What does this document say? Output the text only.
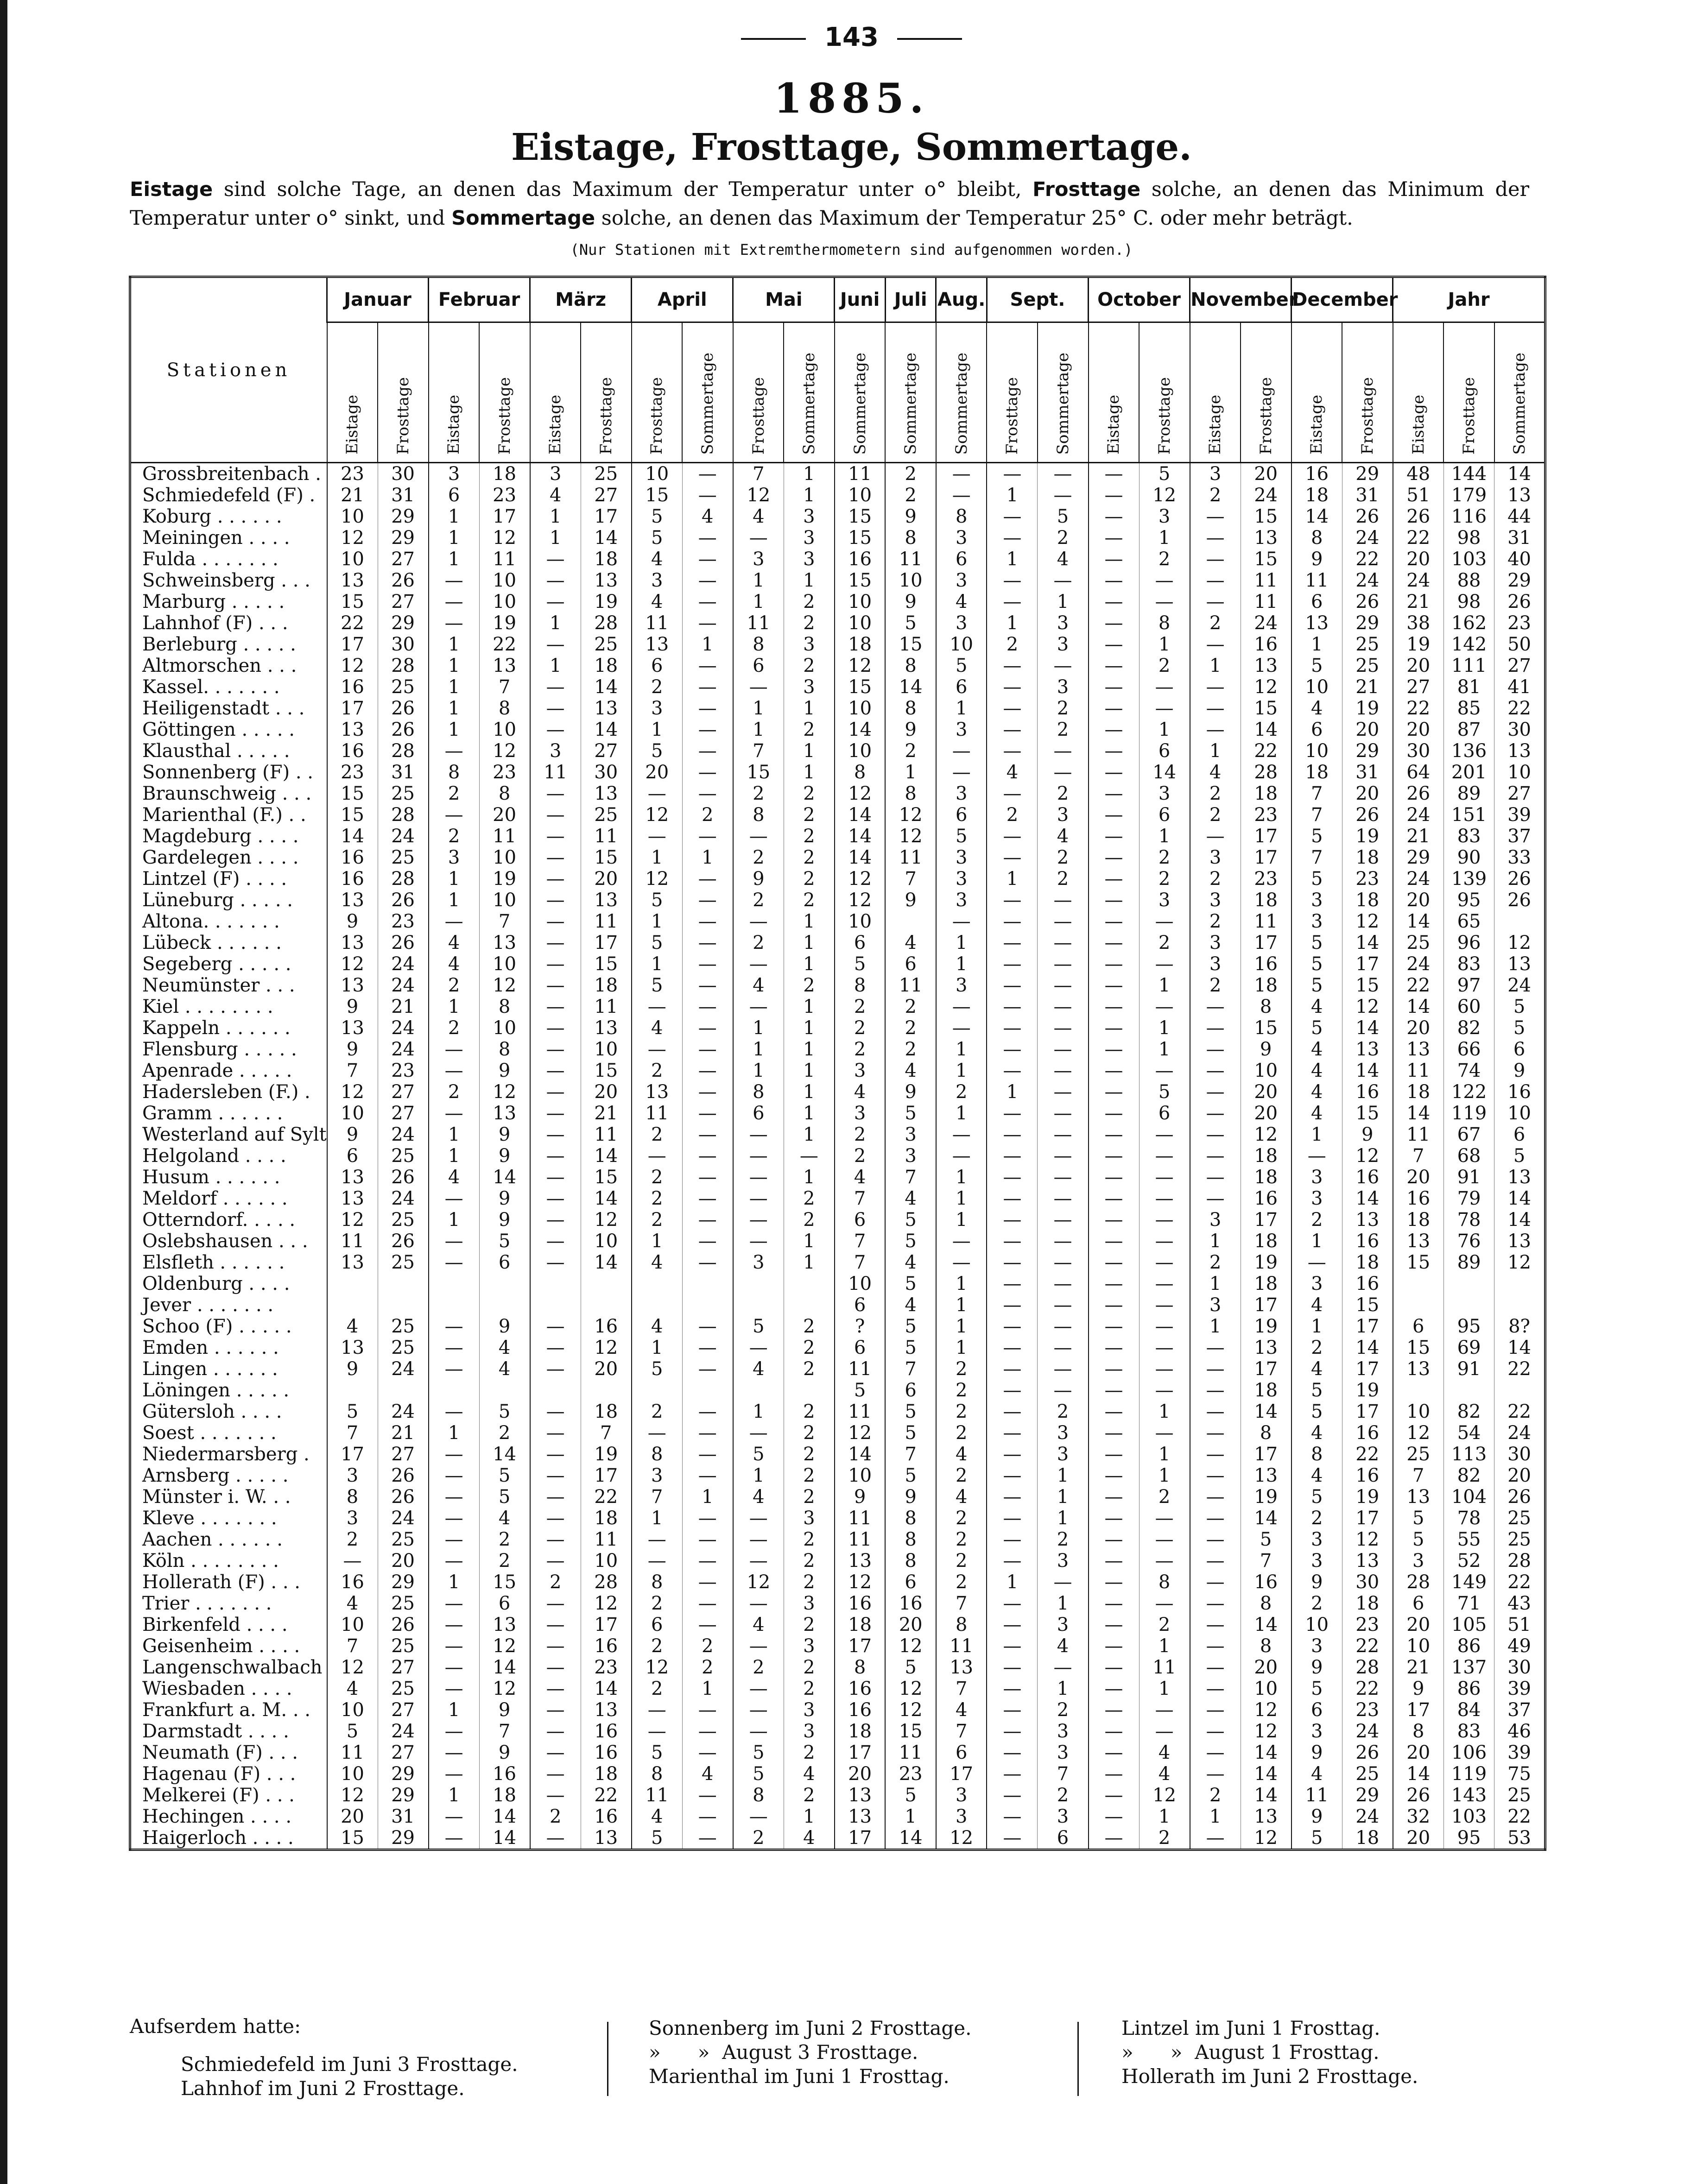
143
1885.
Eistage, Frosttage, Sommertage.
Eistage sind solche Tage, an denen das Maximum der Temperatur unter o° bleibt, Frosttage solche, an denen das Minimum der Temperatur unter o° sinkt, und Sommertage solche, an denen das Maximum der Temperatur 25° C. oder mehr beträgt.
(Nur Stationen mit Extremthermometern sind aufgenommen worden.)
Stationen	Januar		Februar		März		April		Mai		Juni	Juli	Aug.	Sept.		October		November		December		Jahr		

	Eistage	Frosttage	Eistage	Frosttage	Eistage	Frosttage	Frosttage	Sommertage	Frosttage	Sommertage	Sommertage	Sommertage	Sommertage	Frosttage	Sommertage	Eistage	Frosttage	Eistage	Frosttage	Eistage	Frosttage	Eistage	Frosttage	Sommertage

Grossbreitenbach .	23	30	3	18	3	25	10	—	7	1	11	2	—	—	—	—	5	3	20	16	29	48	144	14
Schmiedefeld (F) .	21	31	6	23	4	27	15	—	12	1	10	2	—	1	—	—	12	2	24	18	31	51	179	13
Koburg . . . . . .	10	29	1	17	1	17	5	4	4	3	15	9	8	—	5	—	3	—	15	14	26	26	116	44
Meiningen . . . .	12	29	1	12	1	14	5	—	—	3	15	8	3	—	2	—	1	—	13	8	24	22	98	31
Fulda . . . . . . .	10	27	1	11	—	18	4	—	3	3	16	11	6	1	4	—	2	—	15	9	22	20	103	40
Schweinsberg . . .	13	26	—	10	—	13	3	—	1	1	15	10	3	—	—	—	—	—	11	11	24	24	88	29
Marburg . . . . .	15	27	—	10	—	19	4	—	1	2	10	9	4	—	1	—	—	—	11	6	26	21	98	26
Lahnhof (F) . . .	22	29	—	19	1	28	11	—	11	2	10	5	3	1	3	—	8	2	24	13	29	38	162	23
Berleburg . . . . .	17	30	1	22	—	25	13	1	8	3	18	15	10	2	3	—	1	—	16	1	25	19	142	50
Altmorschen . . .	12	28	1	13	1	18	6	—	6	2	12	8	5	—	—	—	2	1	13	5	25	20	111	27
Kassel. . . . . . .	16	25	1	7	—	14	2	—	—	3	15	14	6	—	3	—	—	—	12	10	21	27	81	41
Heiligenstadt . . .	17	26	1	8	—	13	3	—	1	1	10	8	1	—	2	—	—	—	15	4	19	22	85	22
Göttingen . . . . .	13	26	1	10	—	14	1	—	1	2	14	9	3	—	2	—	1	—	14	6	20	20	87	30
Klausthal . . . . .	16	28	—	12	3	27	5	—	7	1	10	2	—	—	—	—	6	1	22	10	29	30	136	13
Sonnenberg (F) . .	23	31	8	23	11	30	20	—	15	1	8	1	—	4	—	—	14	4	28	18	31	64	201	10
Braunschweig . . .	15	25	2	8	—	13	—	—	2	2	12	8	3	—	2	—	3	2	18	7	20	26	89	27
Marienthal (F.) . .	15	28	—	20	—	25	12	2	8	2	14	12	6	2	3	—	6	2	23	7	26	24	151	39
Magdeburg . . . .	14	24	2	11	—	11	—	—	—	2	14	12	5	—	4	—	1	—	17	5	19	21	83	37
Gardelegen . . . .	16	25	3	10	—	15	1	1	2	2	14	11	3	—	2	—	2	3	17	7	18	29	90	33
Lintzel (F) . . . .	16	28	1	19	—	20	12	—	9	2	12	7	3	1	2	—	2	2	23	5	23	24	139	26
Lüneburg . . . . .	13	26	1	10	—	13	5	—	2	2	12	9	3	—	—	—	3	3	18	3	18	20	95	26
Altona. . . . . . .	9	23	—	7	—	11	1	—	—	1	10		—	—	—	—	—	2	11	3	12	14	65	
Lübeck . . . . . .	13	26	4	13	—	17	5	—	2	1	6	4	1	—	—	—	2	3	17	5	14	25	96	12
Segeberg . . . . .	12	24	4	10	—	15	1	—	—	1	5	6	1	—	—	—	—	3	16	5	17	24	83	13
Neumünster . . .	13	24	2	12	—	18	5	—	4	2	8	11	3	—	—	—	1	2	18	5	15	22	97	24
Kiel . . . . . . . .	9	21	1	8	—	11	—	—	—	1	2	2	—	—	—	—	—	—	8	4	12	14	60	5
Kappeln . . . . . .	13	24	2	10	—	13	4	—	1	1	2	2	—	—	—	—	1	—	15	5	14	20	82	5
Flensburg . . . . .	9	24	—	8	—	10	—	—	1	1	2	2	1	—	—	—	1	—	9	4	13	13	66	6
Apenrade . . . . .	7	23	—	9	—	15	2	—	1	1	3	4	1	—	—	—	—	—	10	4	14	11	74	9
Hadersleben (F.) .	12	27	2	12	—	20	13	—	8	1	4	9	2	1	—	—	5	—	20	4	16	18	122	16
Gramm . . . . . .	10	27	—	13	—	21	11	—	6	1	3	5	1	—	—	—	6	—	20	4	15	14	119	10
Westerland auf Sylt	9	24	1	9	—	11	2	—	—	1	2	3	—	—	—	—	—	—	12	1	9	11	67	6
Helgoland . . . .	6	25	1	9	—	14	—	—	—	—	2	3	—	—	—	—	—	—	18	—	12	7	68	5
Husum . . . . . .	13	26	4	14	—	15	2	—	—	1	4	7	1	—	—	—	—	—	18	3	16	20	91	13
Meldorf . . . . . .	13	24	—	9	—	14	2	—	—	2	7	4	1	—	—	—	—	—	16	3	14	16	79	14
Otterndorf. . . . .	12	25	1	9	—	12	2	—	—	2	6	5	1	—	—	—	—	3	17	2	13	18	78	14
Oslebshausen . . .	11	26	—	5	—	10	1	—	—	1	7	5	—	—	—	—	—	1	18	1	16	13	76	13
Elsfleth . . . . . .	13	25	—	6	—	14	4	—	3	1	7	4	—	—	—	—	—	2	19	—	18	15	89	12
Oldenburg . . . .											10	5	1	—	—	—	—	1	18	3	16			
Jever . . . . . . .											6	4	1	—	—	—	—	3	17	4	15			
Schoo (F) . . . . .	4	25	—	9	—	16	4	—	5	2	?	5	1	—	—	—	—	1	19	1	17	6	95	8?
Emden . . . . . .	13	25	—	4	—	12	1	—	—	2	6	5	1	—	—	—	—	—	13	2	14	15	69	14
Lingen . . . . . .	9	24	—	4	—	20	5	—	4	2	11	7	2	—	—	—	—	—	17	4	17	13	91	22
Löningen . . . . .											5	6	2	—	—	—	—	—	18	5	19			
Gütersloh . . . .	5	24	—	5	—	18	2	—	1	2	11	5	2	—	2	—	1	—	14	5	17	10	82	22
Soest . . . . . . .	7	21	1	2	—	7	—	—	—	2	12	5	2	—	3	—	—	—	8	4	16	12	54	24
Niedermarsberg .	17	27	—	14	—	19	8	—	5	2	14	7	4	—	3	—	1	—	17	8	22	25	113	30
Arnsberg . . . . .	3	26	—	5	—	17	3	—	1	2	10	5	2	—	1	—	1	—	13	4	16	7	82	20
Münster i. W. . .	8	26	—	5	—	22	7	1	4	2	9	9	4	—	1	—	2	—	19	5	19	13	104	26
Kleve . . . . . . .	3	24	—	4	—	18	1	—	—	3	11	8	2	—	1	—	—	—	14	2	17	5	78	25
Aachen . . . . . .	2	25	—	2	—	11	—	—	—	2	11	8	2	—	2	—	—	—	5	3	12	5	55	25
Köln . . . . . . . .	—	20	—	2	—	10	—	—	—	2	13	8	2	—	3	—	—	—	7	3	13	3	52	28
Hollerath (F) . . .	16	29	1	15	2	28	8	—	12	2	12	6	2	1	—	—	8	—	16	9	30	28	149	22
Trier . . . . . . .	4	25	—	6	—	12	2	—	—	3	16	16	7	—	1	—	—	—	8	2	18	6	71	43
Birkenfeld . . . .	10	26	—	13	—	17	6	—	4	2	18	20	8	—	3	—	2	—	14	10	23	20	105	51
Geisenheim . . . .	7	25	—	12	—	16	2	2	—	3	17	12	11	—	4	—	1	—	8	3	22	10	86	49
Langenschwalbach	12	27	—	14	—	23	12	2	2	2	8	5	13	—	—	—	11	—	20	9	28	21	137	30
Wiesbaden . . . .	4	25	—	12	—	14	2	1	—	2	16	12	7	—	1	—	1	—	10	5	22	9	86	39
Frankfurt a. M. . .	10	27	1	9	—	13	—	—	—	3	16	12	4	—	2	—	—	—	12	6	23	17	84	37
Darmstadt . . . .	5	24	—	7	—	16	—	—	—	3	18	15	7	—	3	—	—	—	12	3	24	8	83	46
Neumath (F) . . .	11	27	—	9	—	16	5	—	5	2	17	11	6	—	3	—	4	—	14	9	26	20	106	39
Hagenau (F) . . .	10	29	—	16	—	18	8	4	5	4	20	23	17	—	7	—	4	—	14	4	25	14	119	75
Melkerei (F) . . .	12	29	1	18	—	22	11	—	8	2	13	5	3	—	2	—	12	2	14	11	29	26	143	25
Hechingen . . . .	20	31	—	14	2	16	4	—	—	1	13	1	3	—	3	—	1	1	13	9	24	32	103	22
Haigerloch . . . .	15	29	—	14	—	13	5	—	2	4	17	14	12	—	6	—	2	—	12	5	18	20	95	53
Aufserdem hatte:
Schmiedefeld im Juni 3 Frosttage.
Lahnhof im Juni 2 Frosttage.
Sonnenberg im Juni 2 Frosttage.
»      »  August 3 Frosttage.
Marienthal im Juni 1 Frosttag.
Lintzel im Juni 1 Frosttag.
»      »  August 1 Frosttag.
Hollerath im Juni 2 Frosttage.
